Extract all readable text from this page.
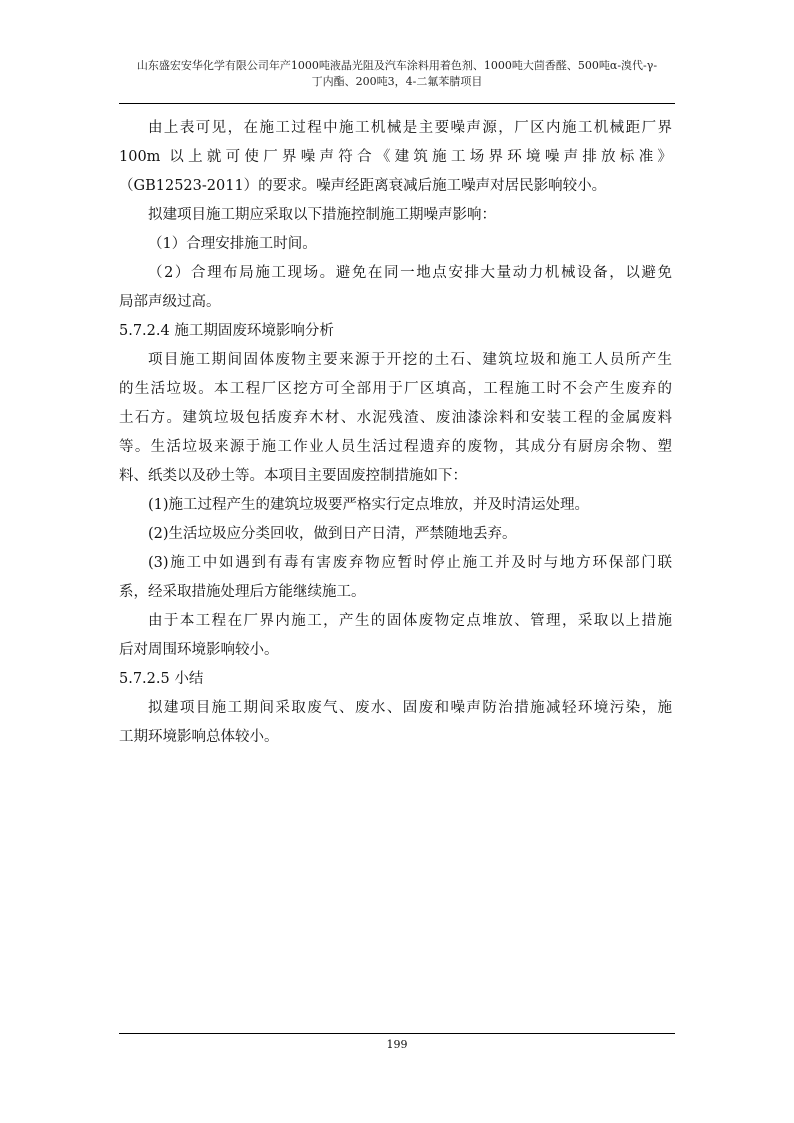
山东盛宏安华化学有限公司年产1000吨液晶光阻及汽车涂料用着色剂、1000吨大茴香醛、500吨α-溴代-γ-
丁内酯、200吨3，4-二氟苯腈项目
由上表可见，在施工过程中施工机械是主要噪声源，厂区内施工机械距厂界
100m 以上就可使厂界噪声符合《建筑施工场界环境噪声排放标准》
（GB12523-2011）的要求。噪声经距离衰减后施工噪声对居民影响较小。
拟建项目施工期应采取以下措施控制施工期噪声影响：
（1）合理安排施工时间。
（2）合理布局施工现场。避免在同一地点安排大量动力机械设备，以避免
局部声级过高。
5.7.2.4 施工期固废环境影响分析
项目施工期间固体废物主要来源于开挖的土石、建筑垃圾和施工人员所产生
的生活垃圾。本工程厂区挖方可全部用于厂区填高，工程施工时不会产生废弃的
土石方。建筑垃圾包括废弃木材、水泥残渣、废油漆涂料和安装工程的金属废料
等。生活垃圾来源于施工作业人员生活过程遗弃的废物，其成分有厨房余物、塑
料、纸类以及砂土等。本项目主要固废控制措施如下：
(1)施工过程产生的建筑垃圾要严格实行定点堆放，并及时清运处理。
(2)生活垃圾应分类回收，做到日产日清，严禁随地丢弃。
(3)施工中如遇到有毒有害废弃物应暂时停止施工并及时与地方环保部门联
系，经采取措施处理后方能继续施工。
由于本工程在厂界内施工，产生的固体废物定点堆放、管理，采取以上措施
后对周围环境影响较小。
5.7.2.5 小结
拟建项目施工期间采取废气、废水、固废和噪声防治措施减轻环境污染，施
工期环境影响总体较小。
199
